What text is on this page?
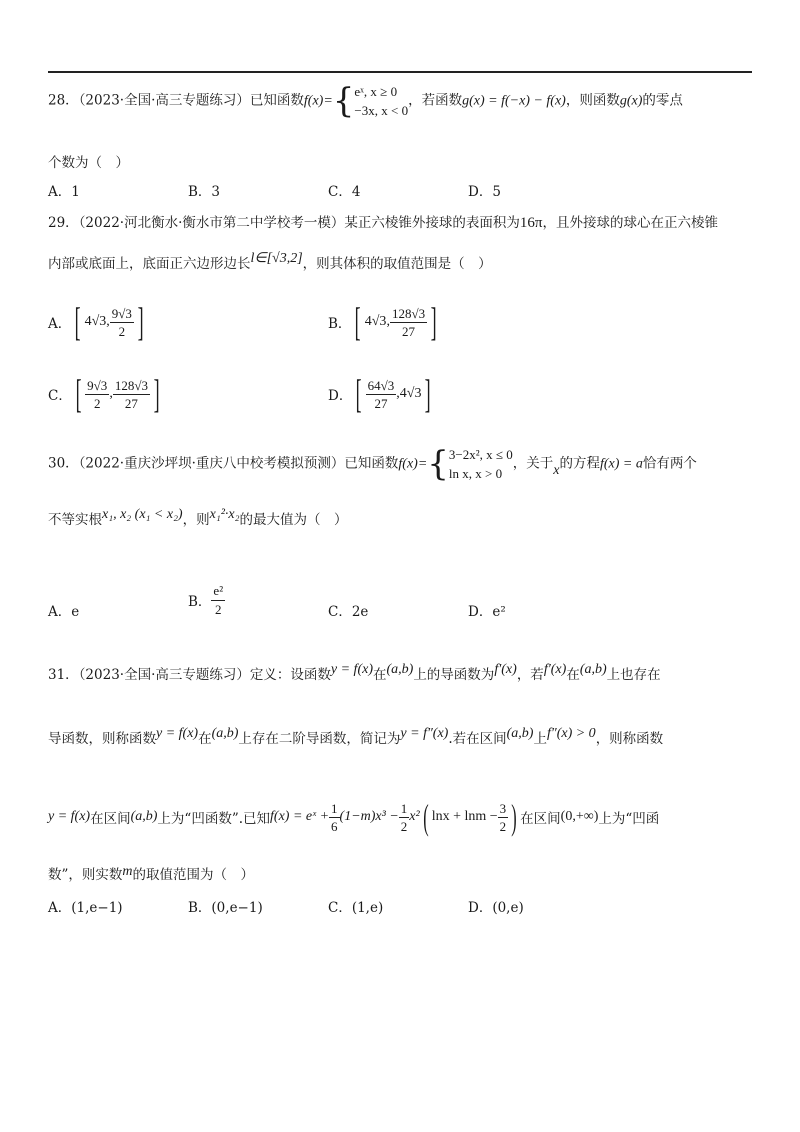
28．（2023·全国·高三专题练习）已知函数f(x)={ eˣ, x ≥ 0
−3x, x < 0
，若函数g(x) = f(−x) − f(x)，则函数g(x)的零点
个数为（　）
A．1	B．3	C．4	D．5
29．（2022·河北衡水·衡水市第二中学校考一模）某正六棱锥外接球的表面积为16π，且外接球的球心在正六棱锥
内部或底面上，底面正六边形边长l∈[√3,2]，则其体积的取值范围是（　）
A．[ 4√3, $\frac{9√3}{2}$ ]	B．[ 4√3, $\frac{128√3}{27}$ ]
C．[ $\frac{9√3}{2}$ , $\frac{128√3}{27}$ ]	D．[ $\frac{64√3}{27} ,4√3$]
30．（2022·重庆沙坪坝·重庆八中校考模拟预测）已知函数f(x)={ 3−2x², x ≤ 0
ln x, x > 0
，关于x的方程f(x) = a恰有两个
不等实根x₁, x₂ (x₁ < x₂)，则x₁²·x₂的最大值为（　）
A．e
B． $\frac{\text{e²}}{2}$	C．2e	D．e²
31．（2023·全国·高三专题练习）定义：设函数y = f(x)在(a,b)上的导函数为f′(x)，若f′(x)在(a,b)上也存在
导函数，则称函数y = f(x)在(a,b)上存在二阶导函数，简记为y = f″(x).若在区间(a,b)上f″(x) > 0，则称函数
y = f(x)在区间(a,b)上为“凹函数”.已知f(x) = eˣ + $\frac{1}{6} (1-m)x^3 - \frac{1}{2} x^2$( $\ln x + \ln m - \frac{3}{2}$ ) 在区间(0,+∞)上为“凹函
数”，则实数m的取值范围为（　）
A．(1,e−1)	B．(0,e−1)	C．(1,e)	D．(0,e)
